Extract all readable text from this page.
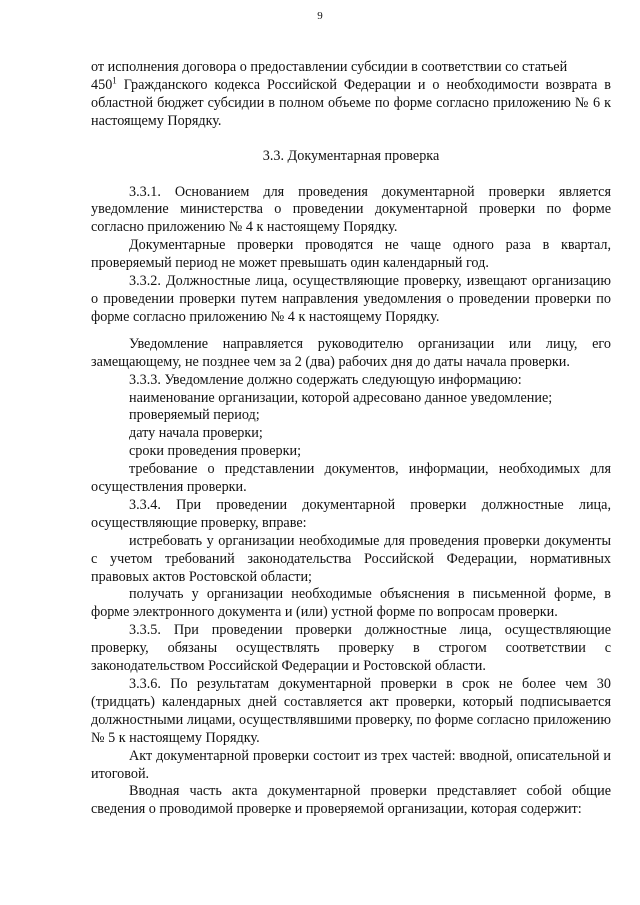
9

от исполнения договора о предоставлении субсидии в соответствии со статьей
$450^1$ Гражданского кодекса Российской Федерации и о необходимости возврата в областной бюджет субсидии в полном объеме по форме согласно приложению № 6 к настоящему Порядку.

3.3. Документарная проверка

3.3.1. Основанием для проведения документарной проверки является уведомление министерства о проведении документарной проверки по форме согласно приложению № 4 к настоящему Порядку.

Документарные проверки проводятся не чаще одного раза в квартал, проверяемый период не может превышать один календарный год.

3.3.2. Должностные лица, осуществляющие проверку, извещают организацию о проведении проверки путем направления уведомления о проведении проверки по форме согласно приложению № 4 к настоящему Порядку.

Уведомление направляется руководителю организации или лицу, его замещающему, не позднее чем за 2 (два) рабочих дня до даты начала проверки.

3.3.3. Уведомление должно содержать следующую информацию:

наименование организации, которой адресовано данное уведомление;

проверяемый период;

дату начала проверки;

сроки проведения проверки;

требование о представлении документов, информации, необходимых для осуществления проверки.

3.3.4. При проведении документарной проверки должностные лица, осуществляющие проверку, вправе:

истребовать у организации необходимые для проведения проверки документы с учетом требований законодательства Российской Федерации, нормативных правовых актов Ростовской области;

получать у организации необходимые объяснения в письменной форме, в форме электронного документа и (или) устной форме по вопросам проверки.

3.3.5. При проведении проверки должностные лица, осуществляющие проверку, обязаны осуществлять проверку в строгом соответствии с законодательством Российской Федерации и Ростовской области.

3.3.6. По результатам документарной проверки в срок не более чем 30 (тридцать) календарных дней составляется акт проверки, который подписывается должностными лицами, осуществлявшими проверку, по форме согласно приложению № 5 к настоящему Порядку.

Акт документарной проверки состоит из трех частей: вводной, описательной и итоговой.

Вводная часть акта документарной проверки представляет собой общие сведения о проводимой проверке и проверяемой организации, которая содержит:
